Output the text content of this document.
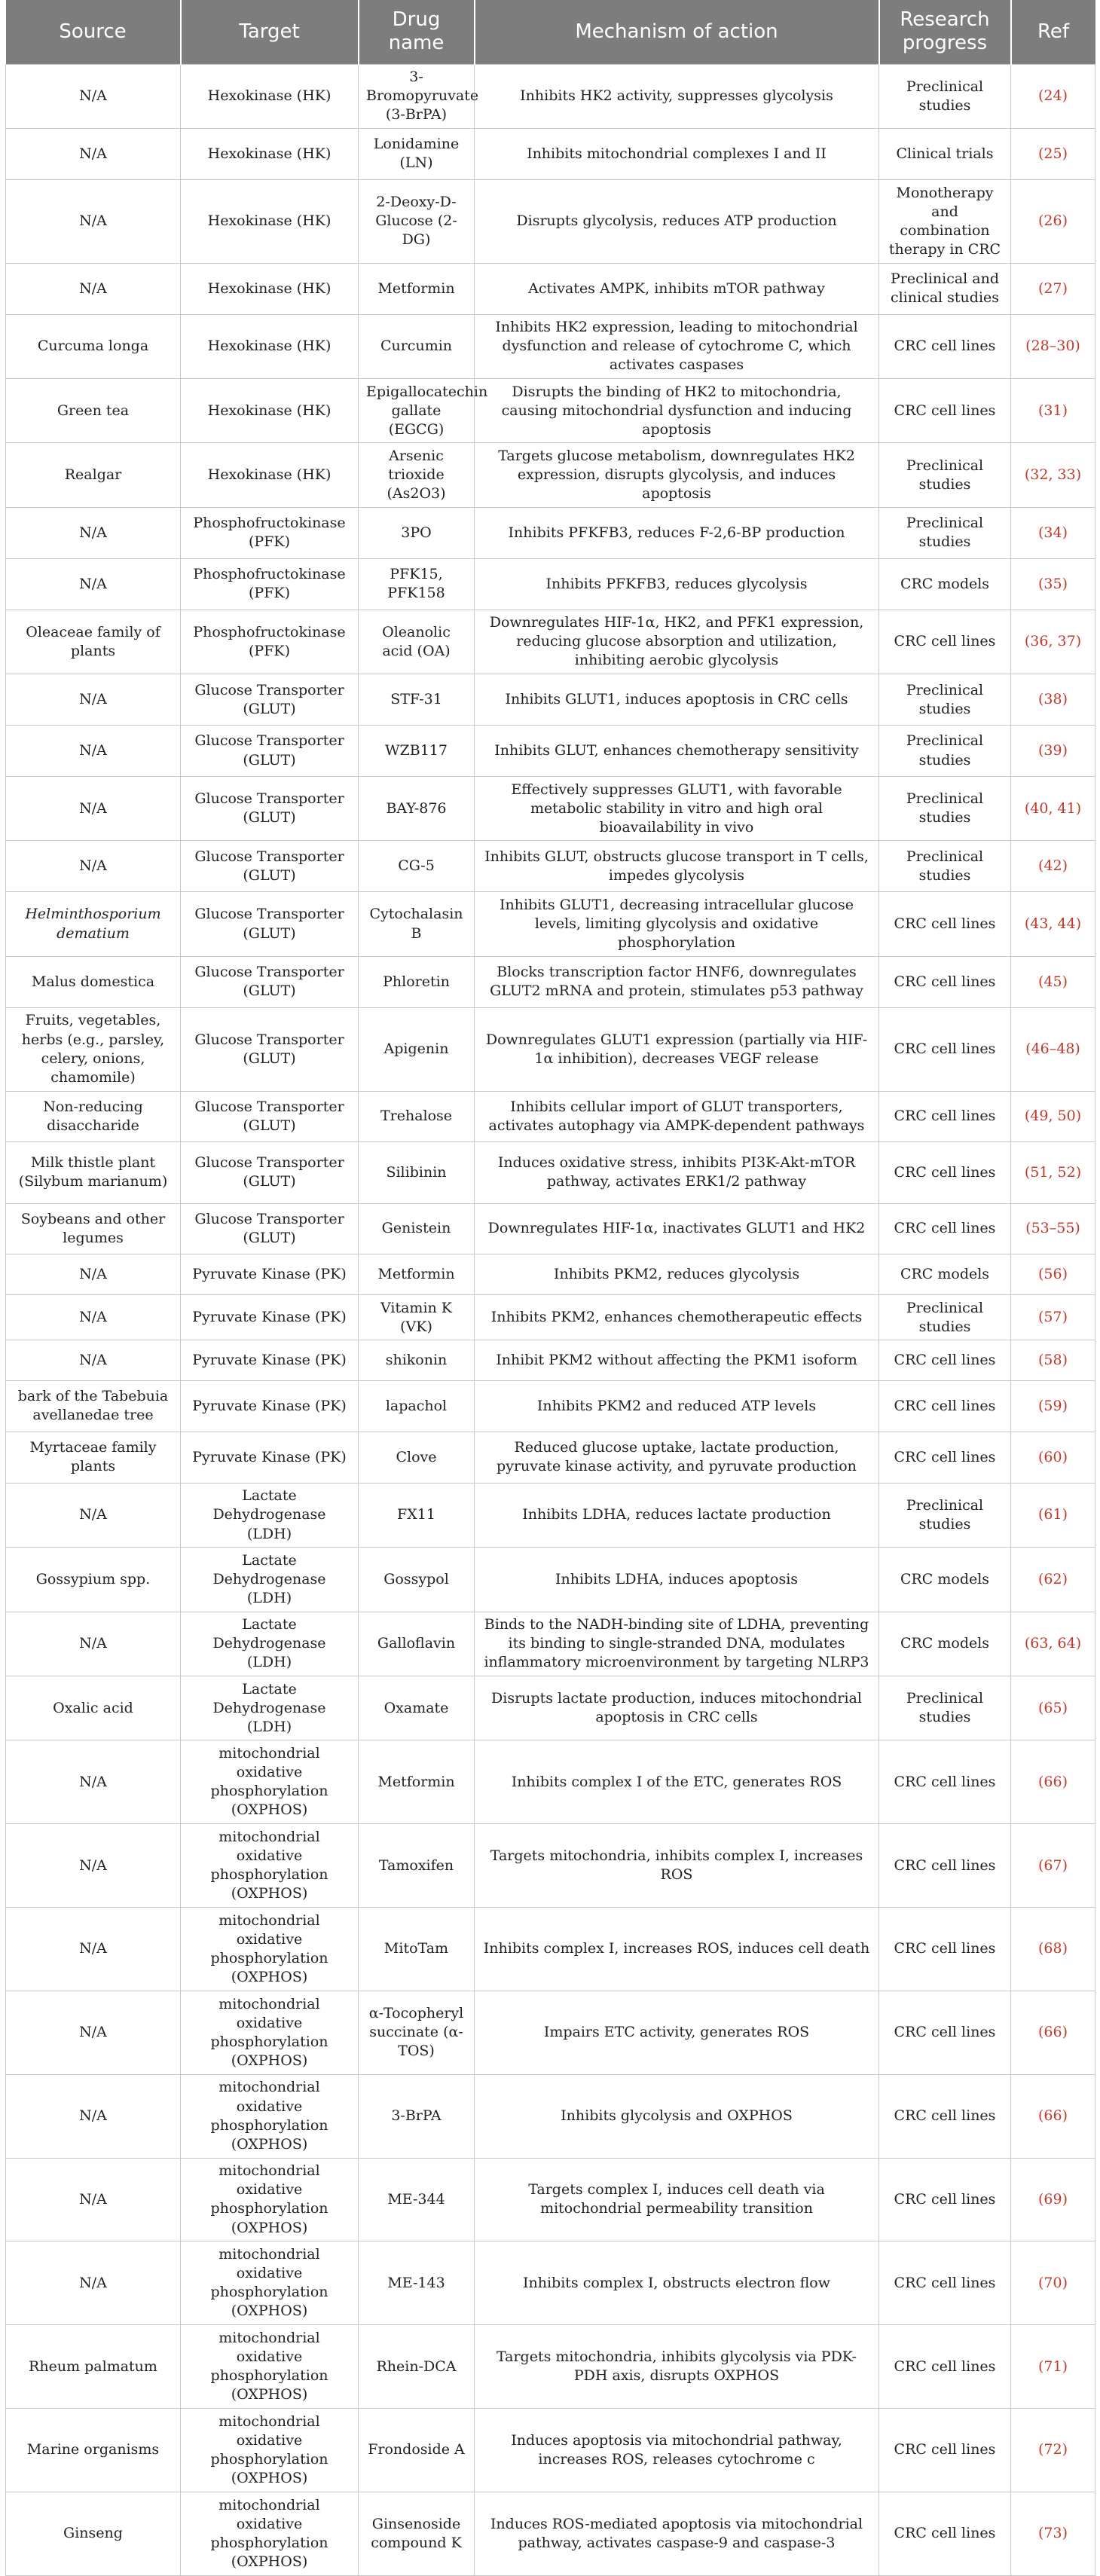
Source	Target	Drug name	Mechanism of action	Research progress	Ref
N/A	Hexokinase (HK)	3-Bromopyruvate (3-BrPA)	Inhibits HK2 activity, suppresses glycolysis	Preclinical studies	(24)
N/A	Hexokinase (HK)	Lonidamine (LN)	Inhibits mitochondrial complexes I and II	Clinical trials	(25)
N/A	Hexokinase (HK)	2-Deoxy-D-Glucose (2-DG)	Disrupts glycolysis, reduces ATP production	Monotherapy and combination therapy in CRC	(26)
N/A	Hexokinase (HK)	Metformin	Activates AMPK, inhibits mTOR pathway	Preclinical and clinical studies	(27)
Curcuma longa	Hexokinase (HK)	Curcumin	Inhibits HK2 expression, leading to mitochondrial dysfunction and release of cytochrome C, which activates caspases	CRC cell lines	(28–30)
Green tea	Hexokinase (HK)	Epigallocatechin gallate (EGCG)	Disrupts the binding of HK2 to mitochondria, causing mitochondrial dysfunction and inducing apoptosis	CRC cell lines	(31)
Realgar	Hexokinase (HK)	Arsenic trioxide (As2O3)	Targets glucose metabolism, downregulates HK2 expression, disrupts glycolysis, and induces apoptosis	Preclinical studies	(32, 33)
N/A	Phosphofructokinase (PFK)	3PO	Inhibits PFKFB3, reduces F-2,6-BP production	Preclinical studies	(34)
N/A	Phosphofructokinase (PFK)	PFK15, PFK158	Inhibits PFKFB3, reduces glycolysis	CRC models	(35)
Oleaceae family of plants	Phosphofructokinase (PFK)	Oleanolic acid (OA)	Downregulates HIF-1α, HK2, and PFK1 expression, reducing glucose absorption and utilization, inhibiting aerobic glycolysis	CRC cell lines	(36, 37)
N/A	Glucose Transporter (GLUT)	STF-31	Inhibits GLUT1, induces apoptosis in CRC cells	Preclinical studies	(38)
N/A	Glucose Transporter (GLUT)	WZB117	Inhibits GLUT, enhances chemotherapy sensitivity	Preclinical studies	(39)
N/A	Glucose Transporter (GLUT)	BAY-876	Effectively suppresses GLUT1, with favorable metabolic stability in vitro and high oral bioavailability in vivo	Preclinical studies	(40, 41)
N/A	Glucose Transporter (GLUT)	CG-5	Inhibits GLUT, obstructs glucose transport in T cells, impedes glycolysis	Preclinical studies	(42)
Helminthosporium dematium	Glucose Transporter (GLUT)	Cytochalasin B	Inhibits GLUT1, decreasing intracellular glucose levels, limiting glycolysis and oxidative phosphorylation	CRC cell lines	(43, 44)
Malus domestica	Glucose Transporter (GLUT)	Phloretin	Blocks transcription factor HNF6, downregulates GLUT2 mRNA and protein, stimulates p53 pathway	CRC cell lines	(45)
Fruits, vegetables, herbs (e.g., parsley, celery, onions, chamomile)	Glucose Transporter (GLUT)	Apigenin	Downregulates GLUT1 expression (partially via HIF-1α inhibition), decreases VEGF release	CRC cell lines	(46–48)
Non-reducing disaccharide	Glucose Transporter (GLUT)	Trehalose	Inhibits cellular import of GLUT transporters, activates autophagy via AMPK-dependent pathways	CRC cell lines	(49, 50)
Milk thistle plant (Silybum marianum)	Glucose Transporter (GLUT)	Silibinin	Induces oxidative stress, inhibits PI3K-Akt-mTOR pathway, activates ERK1/2 pathway	CRC cell lines	(51, 52)
Soybeans and other legumes	Glucose Transporter (GLUT)	Genistein	Downregulates HIF-1α, inactivates GLUT1 and HK2	CRC cell lines	(53–55)
N/A	Pyruvate Kinase (PK)	Metformin	Inhibits PKM2, reduces glycolysis	CRC models	(56)
N/A	Pyruvate Kinase (PK)	Vitamin K (VK)	Inhibits PKM2, enhances chemotherapeutic effects	Preclinical studies	(57)
N/A	Pyruvate Kinase (PK)	shikonin	Inhibit PKM2 without affecting the PKM1 isoform	CRC cell lines	(58)
bark of the Tabebuia avellanedae tree	Pyruvate Kinase (PK)	lapachol	Inhibits PKM2 and reduced ATP levels	CRC cell lines	(59)
Myrtaceae family plants	Pyruvate Kinase (PK)	Clove	Reduced glucose uptake, lactate production, pyruvate kinase activity, and pyruvate production	CRC cell lines	(60)
N/A	Lactate Dehydrogenase (LDH)	FX11	Inhibits LDHA, reduces lactate production	Preclinical studies	(61)
Gossypium spp.	Lactate Dehydrogenase (LDH)	Gossypol	Inhibits LDHA, induces apoptosis	CRC models	(62)
N/A	Lactate Dehydrogenase (LDH)	Galloflavin	Binds to the NADH-binding site of LDHA, preventing its binding to single-stranded DNA, modulates inflammatory microenvironment by targeting NLRP3	CRC models	(63, 64)
Oxalic acid	Lactate Dehydrogenase (LDH)	Oxamate	Disrupts lactate production, induces mitochondrial apoptosis in CRC cells	Preclinical studies	(65)
N/A	mitochondrial oxidative phosphorylation (OXPHOS)	Metformin	Inhibits complex I of the ETC, generates ROS	CRC cell lines	(66)
N/A	mitochondrial oxidative phosphorylation (OXPHOS)	Tamoxifen	Targets mitochondria, inhibits complex I, increases ROS	CRC cell lines	(67)
N/A	mitochondrial oxidative phosphorylation (OXPHOS)	MitoTam	Inhibits complex I, increases ROS, induces cell death	CRC cell lines	(68)
N/A	mitochondrial oxidative phosphorylation (OXPHOS)	α-Tocopheryl succinate (α-TOS)	Impairs ETC activity, generates ROS	CRC cell lines	(66)
N/A	mitochondrial oxidative phosphorylation (OXPHOS)	3-BrPA	Inhibits glycolysis and OXPHOS	CRC cell lines	(66)
N/A	mitochondrial oxidative phosphorylation (OXPHOS)	ME-344	Targets complex I, induces cell death via mitochondrial permeability transition	CRC cell lines	(69)
N/A	mitochondrial oxidative phosphorylation (OXPHOS)	ME-143	Inhibits complex I, obstructs electron flow	CRC cell lines	(70)
Rheum palmatum	mitochondrial oxidative phosphorylation (OXPHOS)	Rhein-DCA	Targets mitochondria, inhibits glycolysis via PDK-PDH axis, disrupts OXPHOS	CRC cell lines	(71)
Marine organisms	mitochondrial oxidative phosphorylation (OXPHOS)	Frondoside A	Induces apoptosis via mitochondrial pathway, increases ROS, releases cytochrome c	CRC cell lines	(72)
Ginseng	mitochondrial oxidative phosphorylation (OXPHOS)	Ginsenoside compound K	Induces ROS-mediated apoptosis via mitochondrial pathway, activates caspase-9 and caspase-3	CRC cell lines	(73)
